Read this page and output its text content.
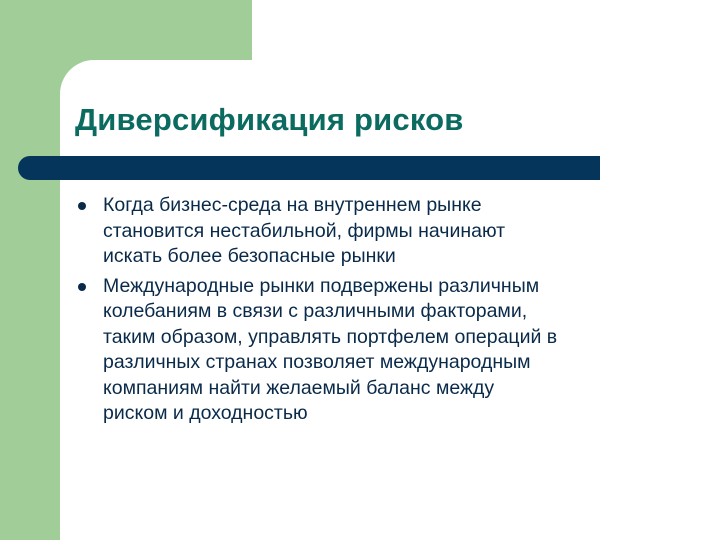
Диверсификация рисков
Когда бизнес-среда на внутреннем рынке
становится нестабильной, фирмы начинают
искать более безопасные рынки
Международные рынки подвержены различным
колебаниям в связи с различными факторами,
таким образом, управлять портфелем операций в
различных странах позволяет международным
компаниям найти желаемый баланс между
риском и доходностью
